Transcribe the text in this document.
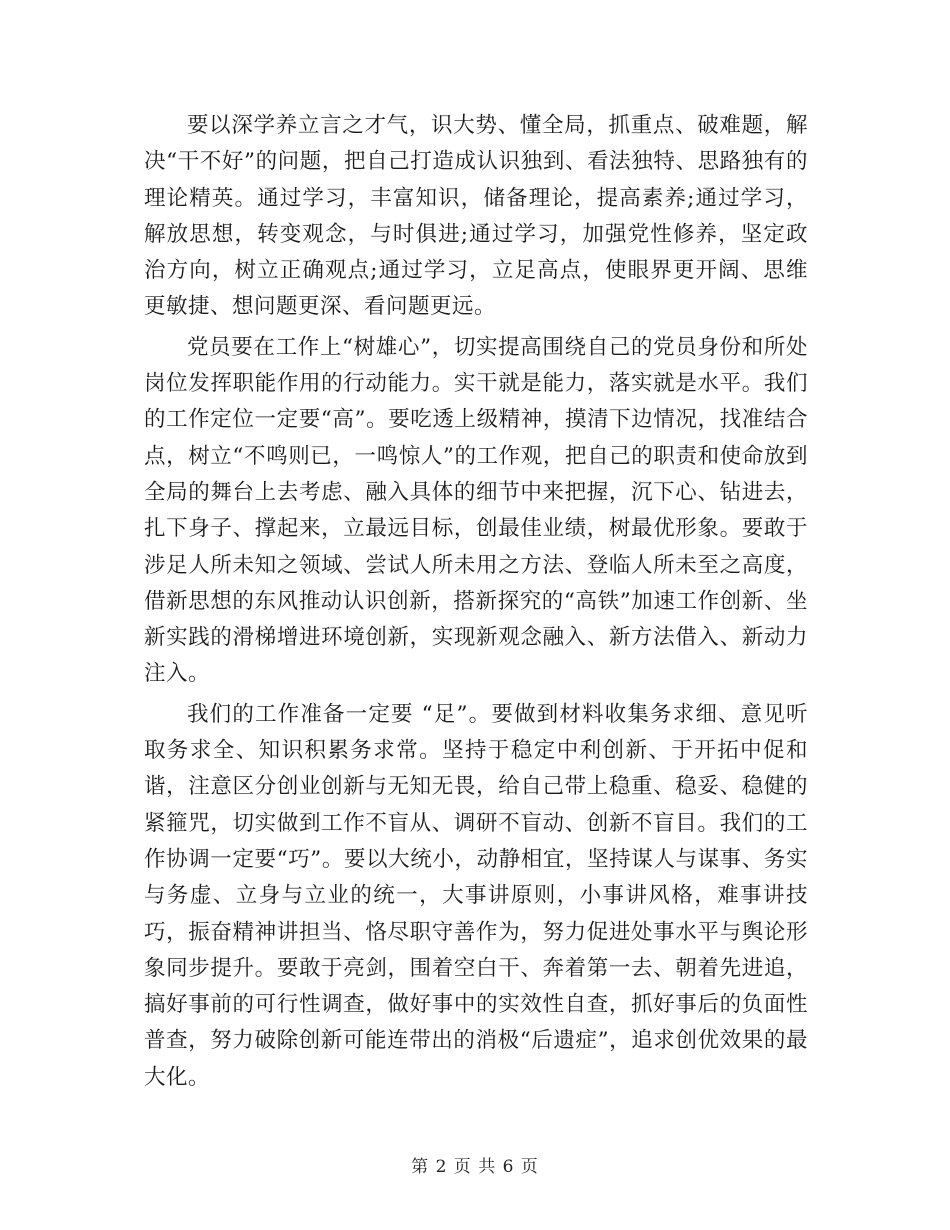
要以深学养立言之才气，识大势、懂全局，抓重点、破难题，解决“干不好”的问题，把自己打造成认识独到、看法独特、思路独有的理论精英。通过学习，丰富知识，储备理论，提高素养;通过学习，解放思想，转变观念，与时俱进;通过学习，加强党性修养，坚定政治方向，树立正确观点;通过学习，立足高点，使眼界更开阔、思维更敏捷、想问题更深、看问题更远。

党员要在工作上“树雄心”，切实提高围绕自己的党员身份和所处岗位发挥职能作用的行动能力。实干就是能力，落实就是水平。我们的工作定位一定要“高”。要吃透上级精神，摸清下边情况，找准结合点，树立“不鸣则已，一鸣惊人”的工作观，把自己的职责和使命放到全局的舞台上去考虑、融入具体的细节中来把握，沉下心、钻进去，扎下身子、撑起来，立最远目标，创最佳业绩，树最优形象。要敢于涉足人所未知之领域、尝试人所未用之方法、登临人所未至之高度，借新思想的东风推动认识创新，搭新探究的“高铁”加速工作创新、坐新实践的滑梯增进环境创新，实现新观念融入、新方法借入、新动力注入。

我们的工作准备一定要 “足”。要做到材料收集务求细、意见听取务求全、知识积累务求常。坚持于稳定中利创新、于开拓中促和谐，注意区分创业创新与无知无畏，给自己带上稳重、稳妥、稳健的紧箍咒，切实做到工作不盲从、调研不盲动、创新不盲目。我们的工作协调一定要“巧”。要以大统小，动静相宜，坚持谋人与谋事、务实与务虚、立身与立业的统一，大事讲原则，小事讲风格，难事讲技巧，振奋精神讲担当、恪尽职守善作为，努力促进处事水平与舆论形象同步提升。要敢于亮剑，围着空白干、奔着第一去、朝着先进追，搞好事前的可行性调查，做好事中的实效性自查，抓好事后的负面性普查，努力破除创新可能连带出的消极“后遗症”，追求创优效果的最大化。

第 2 页 共 6 页
